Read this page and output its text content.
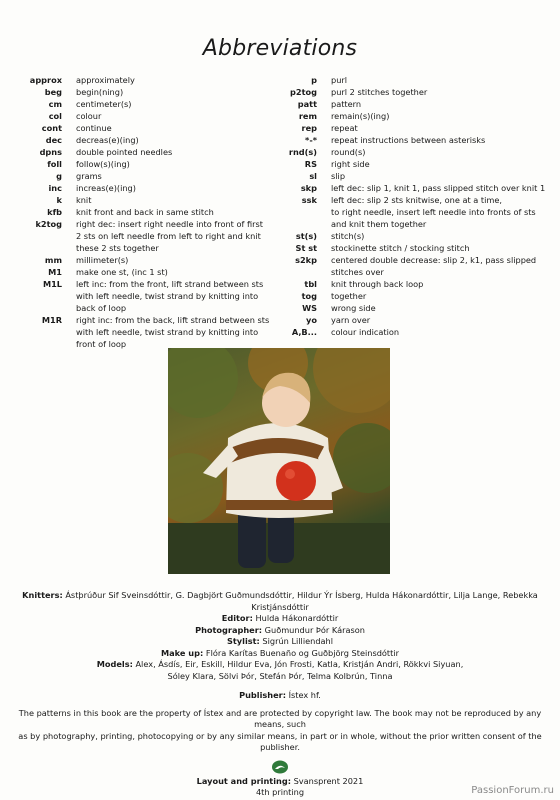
Abbreviations
approx	approximately
beg	begin(ning)
cm	centimeter(s)
col	colour
cont	continue
dec	decreas(e)(ing)
dpns	double pointed needles
foll	follow(s)(ing)
g	grams
inc	increas(e)(ing)
k	knit
kfb	knit front and back in same stitch
k2tog	right dec: insert right needle into front of first
2 sts on left needle from left to right and knit
these 2 sts together
mm	millimeter(s)
M1	make one st, (inc 1 st)
M1L	left inc: from the front, lift strand between sts
with left needle, twist strand by knitting into
back of loop
M1R	right inc: from the back, lift strand between sts
with left needle, twist strand by knitting into
front of loop
p	purl
p2tog	purl 2 stitches together
patt	pattern
rem	remain(s)(ing)
rep	repeat
*-*	repeat instructions between asterisks
rnd(s)	round(s)
RS	right side
sl	slip
skp	left dec: slip 1, knit 1, pass slipped stitch over knit 1
ssk	left dec: slip 2 sts knitwise, one at a time,
to right needle, insert left needle into fronts of sts
and knit them together
st(s)	stitch(s)
St st	stockinette stitch / stocking stitch
s2kp	centered double decrease: slip 2, k1, pass slipped
stitches over
tbl	knit through back loop
tog	together
WS	wrong side
yo	yarn over
A,B...	colour indication

Knitters: Ástþrúður Sif Sveinsdóttir, G. Dagbjört Guðmundsdóttir, Hildur Ýr Ísberg, Hulda Hákonardóttir, Lilja Lange, Rebekka Kristjánsdóttir

Editor: Hulda Hákonardóttir

Photographer: Guðmundur Þór Kárason

Stylist: Sigrún Lilliendahl

Make up: Flóra Karítas Buenaño og Guðbjörg Steinsdóttir

Models: Alex, Ásdís, Eir, Eskill, Hildur Eva, Jón Frosti, Katla, Kristján Andri, Rökkvi Siyuan,

Sóley Klara, Sölvi Þór, Stefán Þór, Telma Kolbrún, Tinna

Publisher: Ístex hf.

The patterns in this book are the property of Ístex and are protected by copyright law. The book may not be reproduced by any means, such

as by photography, printing, photocopying or by any similar means, in part or in whole, without the prior written consent of the publisher.

Layout and printing: Svansprent 2021

4th printing	PassionForum.ru
